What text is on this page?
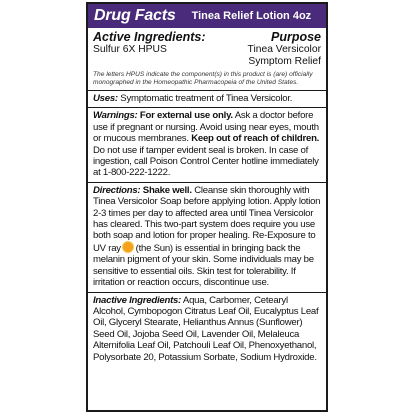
Drug Facts Tinea Relief Lotion 4oz
Active Ingredients:	Purpose
Sulfur 6X HPUS	Tinea Versicolor
Symptom Relief
The letters HPUS indicate the component(s) in this product is (are) officially monographed in the Homeopathic Pharmacopeia of the United States.
Uses: Symptomatic treatment of Tinea Versicolor.
Warnings: For external use only. Ask a doctor before use if pregnant or nursing. Avoid using near eyes, mouth or mucous membranes. Keep out of reach of children. Do not use if tamper evident seal is broken. In case of ingestion, call Poison Control Center hotline immediately at 1-800-222-1222.
Directions: Shake well. Cleanse skin thoroughly with Tinea Versicolor Soap before applying lotion. Apply lotion 2-3 times per day to affected area until Tinea Versicolor has cleared. This two-part system does require you use both soap and lotion for proper healing. Re-Exposure to UV ray  (the Sun) is essential in bringing back the melanin pigment of your skin. Some individuals may be sensitive to essential oils. Skin test for tolerability. If irritation or reaction occurs, discontinue use.
Inactive Ingredients: Aqua, Carbomer, Cetearyl Alcohol, Cymbopogon Citratus Leaf Oil, Eucalyptus Leaf Oil, Glyceryl Stearate, Helianthus Annus (Sunflower) Seed Oil, Jojoba Seed Oil, Lavender Oil, Melaleuca Alternifolia Leaf Oil, Patchouli Leaf Oil, Phenoxyethanol, Polysorbate 20, Potassium Sorbate, Sodium Hydroxide.
